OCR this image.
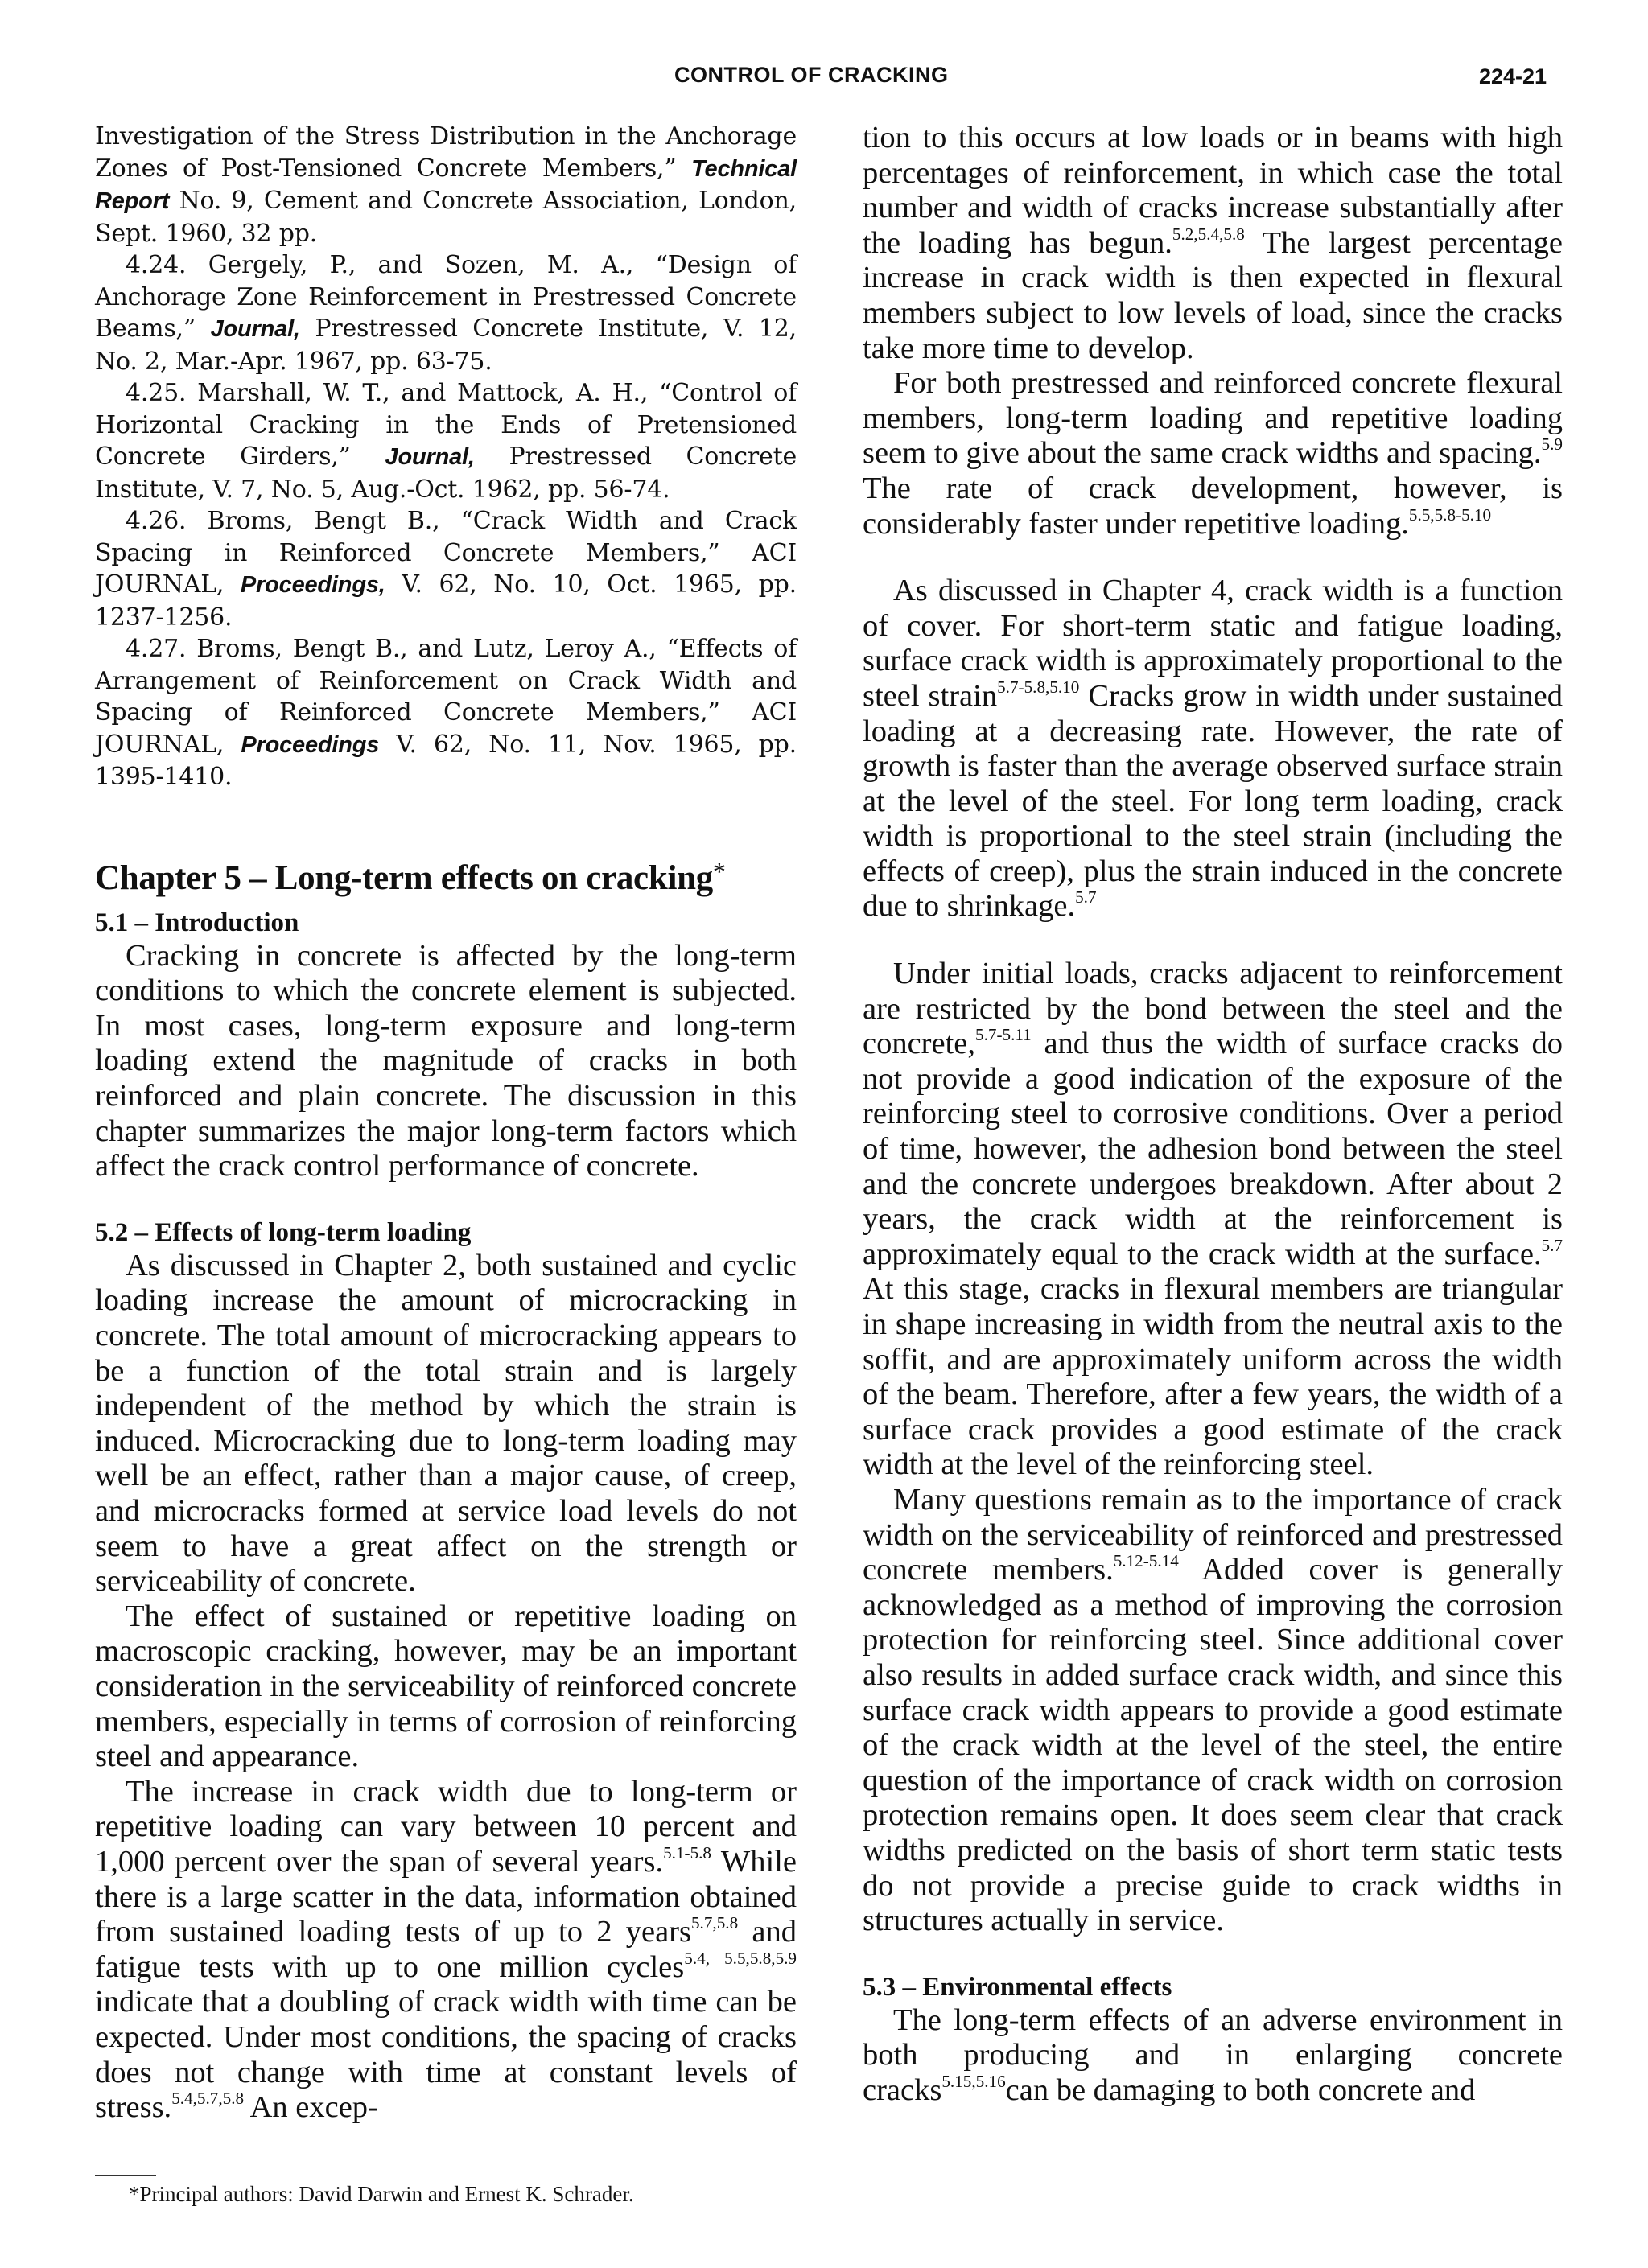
CONTROL OF CRACKING	224-21

Investigation of the Stress Distribution in the Anchorage Zones of Post-Tensioned Concrete Members,” Technical Report No. 9, Cement and Concrete Association, London, Sept. 1960, 32 pp.

4.24. Gergely, P., and Sozen, M. A., “Design of Anchorage Zone Reinforcement in Prestressed Concrete Beams,” Journal, Prestressed Concrete Institute, V. 12, No. 2, Mar.-Apr. 1967, pp. 63-75.

4.25. Marshall, W. T., and Mattock, A. H., “Control of Horizontal Cracking in the Ends of Pretensioned Concrete Girders,” Journal, Prestressed Concrete Institute, V. 7, No. 5, Aug.-Oct. 1962, pp. 56-74.

4.26. Broms, Bengt B., “Crack Width and Crack Spacing in Reinforced Concrete Members,” ACI JOURNAL, Proceedings, V. 62, No. 10, Oct. 1965, pp. 1237-1256.

4.27. Broms, Bengt B., and Lutz, Leroy A., “Effects of Arrangement of Reinforcement on Crack Width and Spacing of Reinforced Concrete Members,” ACI JOURNAL, Proceedings V. 62, No. 11, Nov. 1965, pp. 1395-1410.

Chapter 5 – Long-term effects on cracking*
5.1 – Introduction

Cracking in concrete is affected by the long-term conditions to which the concrete element is subjected. In most cases, long-term exposure and long-term loading extend the magnitude of cracks in both reinforced and plain concrete. The discussion in this chapter summarizes the major long-term factors which affect the crack control performance of concrete.

5.2 – Effects of long-term loading

As discussed in Chapter 2, both sustained and cyclic loading increase the amount of microcracking in concrete. The total amount of microcracking appears to be a function of the total strain and is largely independent of the method by which the strain is induced. Microcracking due to long-term loading may well be an effect, rather than a major cause, of creep, and microcracks formed at service load levels do not seem to have a great affect on the strength or serviceability of concrete.

The effect of sustained or repetitive loading on macroscopic cracking, however, may be an important consideration in the serviceability of reinforced concrete members, especially in terms of corrosion of reinforcing steel and appearance.

The increase in crack width due to long-term or repetitive loading can vary between 10 percent and 1,000 percent over the span of several years.$^{5.1-5.8}$ While there is a large scatter in the data, information obtained from sustained loading tests of up to 2 years$^{5.7,5.8}$ and fatigue tests with up to one million cycles$^{5.4, 5.5,5.8,5.9}$ indicate that a doubling of crack width with time can be expected. Under most conditions, the spacing of cracks does not change with time at constant levels of stress.$^{5.4,5.7,5.8}$ An excep-

*Principal authors: David Darwin and Ernest K. Schrader.

tion to this occurs at low loads or in beams with high percentages of reinforcement, in which case the total number and width of cracks increase substantially after the loading has begun.$^{5.2,5.4,5.8}$ The largest percentage increase in crack width is then expected in flexural members subject to low levels of load, since the cracks take more time to develop.

For both prestressed and reinforced concrete flexural members, long-term loading and repetitive loading seem to give about the same crack widths and spacing.$^{5.9}$ The rate of crack development, however, is considerably faster under repetitive loading.$^{5.5,5.8-5.10}$

As discussed in Chapter 4, crack width is a function of cover. For short-term static and fatigue loading, surface crack width is approximately proportional to the steel strain$^{5.7-5.8,5.10}$ Cracks grow in width under sustained loading at a decreasing rate. However, the rate of growth is faster than the average observed surface strain at the level of the steel. For long term loading, crack width is proportional to the steel strain (including the effects of creep), plus the strain induced in the concrete due to shrinkage.$^{5.7}$

Under initial loads, cracks adjacent to reinforcement are restricted by the bond between the steel and the concrete,$^{5.7-5.11}$ and thus the width of surface cracks do not provide a good indication of the exposure of the reinforcing steel to corrosive conditions. Over a period of time, however, the adhesion bond between the steel and the concrete undergoes breakdown. After about 2 years, the crack width at the reinforcement is approximately equal to the crack width at the surface.$^{5.7}$ At this stage, cracks in flexural members are triangular in shape increasing in width from the neutral axis to the soffit, and are approximately uniform across the width of the beam. Therefore, after a few years, the width of a surface crack provides a good estimate of the crack width at the level of the reinforcing steel.

Many questions remain as to the importance of crack width on the serviceability of reinforced and prestressed concrete members.$^{5.12-5.14}$ Added cover is generally acknowledged as a method of improving the corrosion protection for reinforcing steel. Since additional cover also results in added surface crack width, and since this surface crack width appears to provide a good estimate of the crack width at the level of the steel, the entire question of the importance of crack width on corrosion protection remains open. It does seem clear that crack widths predicted on the basis of short term static tests do not provide a precise guide to crack widths in structures actually in service.

5.3 – Environmental effects

The long-term effects of an adverse environment in both producing and in enlarging concrete cracks$^{5.15,5.16}$can be damaging to both concrete and
